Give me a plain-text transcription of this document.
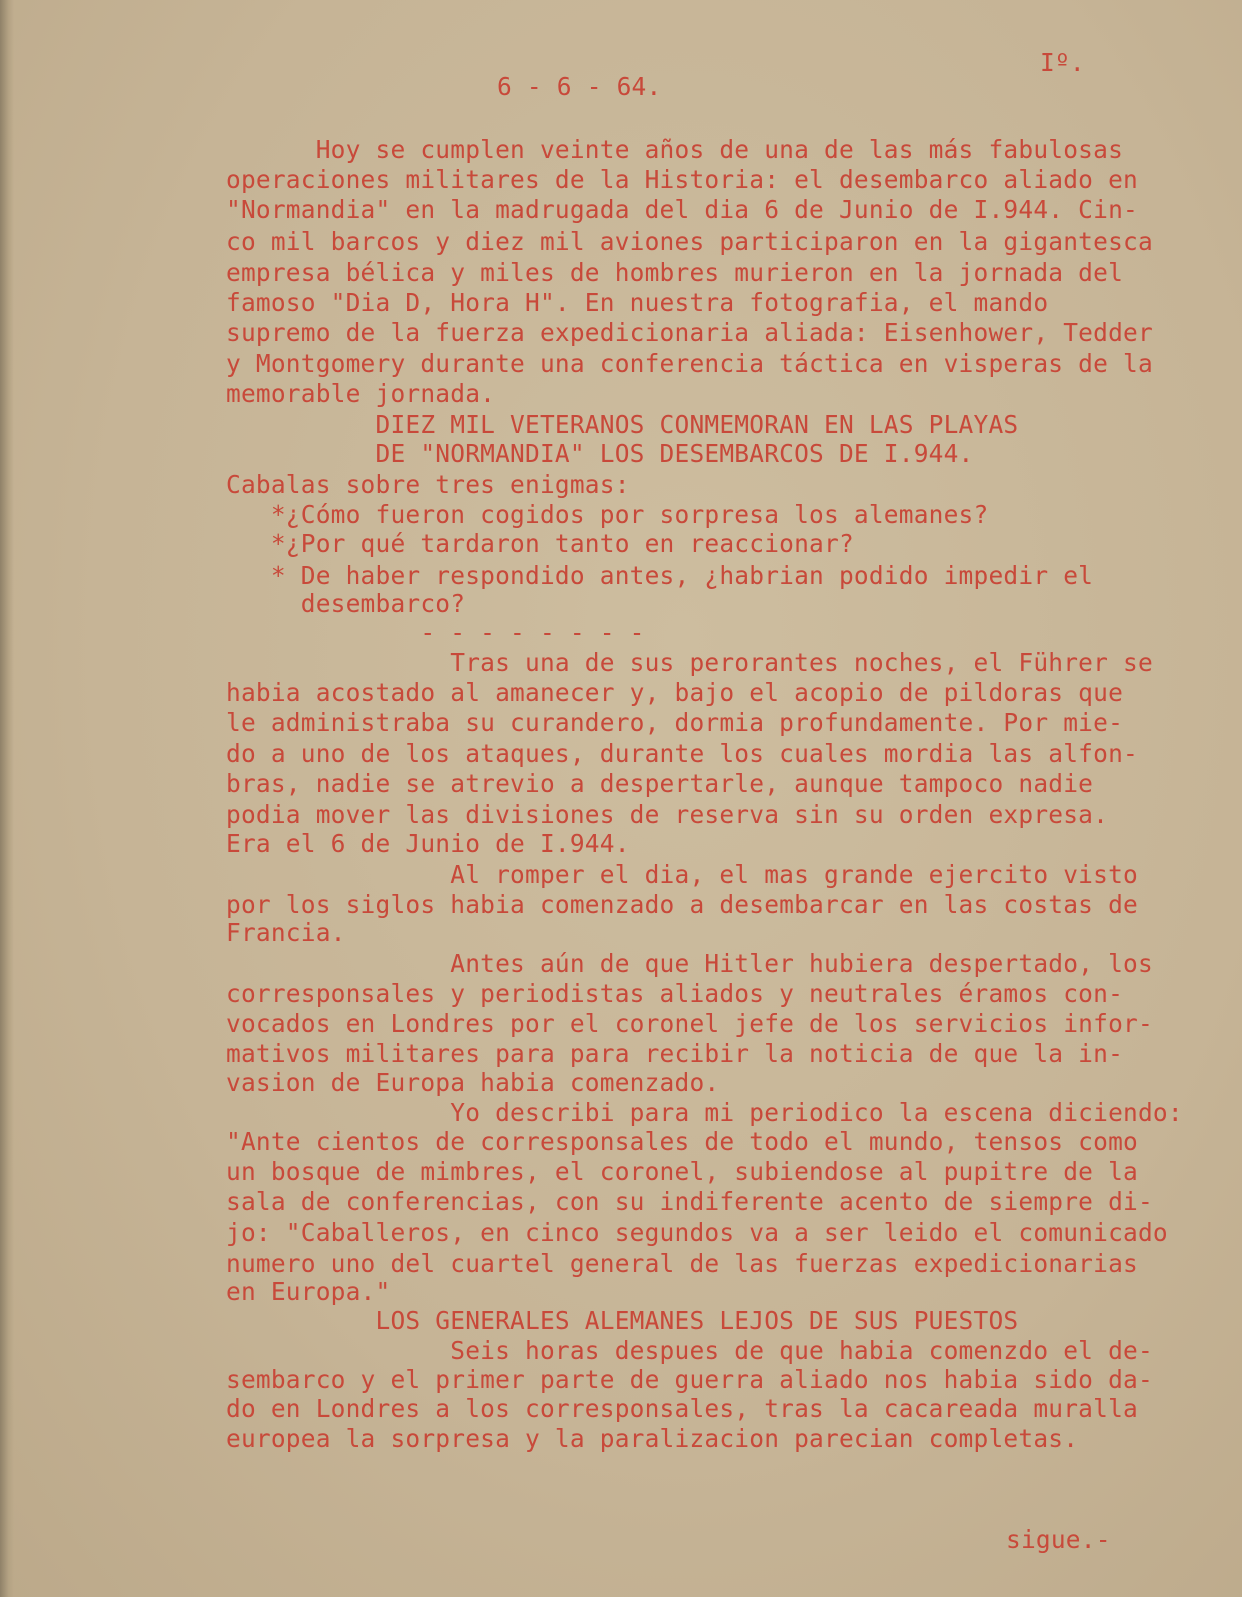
Iº.
6 - 6 - 64.
Hoy se cumplen veinte años de una de las más fabulosas
operaciones militares de la Historia: el desembarco aliado en
"Normandia" en la madrugada del dia 6 de Junio de I.944. Cin-
co mil barcos y diez mil aviones participaron en la gigantesca
empresa bélica y miles de hombres murieron en la jornada del
famoso "Dia D, Hora H". En nuestra fotografia, el mando
supremo de la fuerza expedicionaria aliada: Eisenhower, Tedder
y Montgomery durante una conferencia táctica en visperas de la
memorable jornada.
DIEZ MIL VETERANOS CONMEMORAN EN LAS PLAYAS
DE "NORMANDIA" LOS DESEMBARCOS DE I.944.
Cabalas sobre tres enigmas:
*¿Cómo fueron cogidos por sorpresa los alemanes?
*¿Por qué tardaron tanto en reaccionar?
* De haber respondido antes, ¿habrian podido impedir el
desembarco?
- - - - - - - -
Tras una de sus perorantes noches, el Führer se
habia acostado al amanecer y, bajo el acopio de pildoras que
le administraba su curandero, dormia profundamente. Por mie-
do a uno de los ataques, durante los cuales mordia las alfon-
bras, nadie se atrevio a despertarle, aunque tampoco nadie
podia mover las divisiones de reserva sin su orden expresa.
Era el 6 de Junio de I.944.
Al romper el dia, el mas grande ejercito visto
por los siglos habia comenzado a desembarcar en las costas de
Francia.
Antes aún de que Hitler hubiera despertado, los
corresponsales y periodistas aliados y neutrales éramos con-
vocados en Londres por el coronel jefe de los servicios infor-
mativos militares para para recibir la noticia de que la in-
vasion de Europa habia comenzado.
Yo describi para mi periodico la escena diciendo:
"Ante cientos de corresponsales de todo el mundo, tensos como
un bosque de mimbres, el coronel, subiendose al pupitre de la
sala de conferencias, con su indiferente acento de siempre di-
jo: "Caballeros, en cinco segundos va a ser leido el comunicado
numero uno del cuartel general de las fuerzas expedicionarias
en Europa."
LOS GENERALES ALEMANES LEJOS DE SUS PUESTOS
Seis horas despues de que habia comenzdo el de-
sembarco y el primer parte de guerra aliado nos habia sido da-
do en Londres a los corresponsales, tras la cacareada muralla
europea la sorpresa y la paralizacion parecian completas.
sigue.-
